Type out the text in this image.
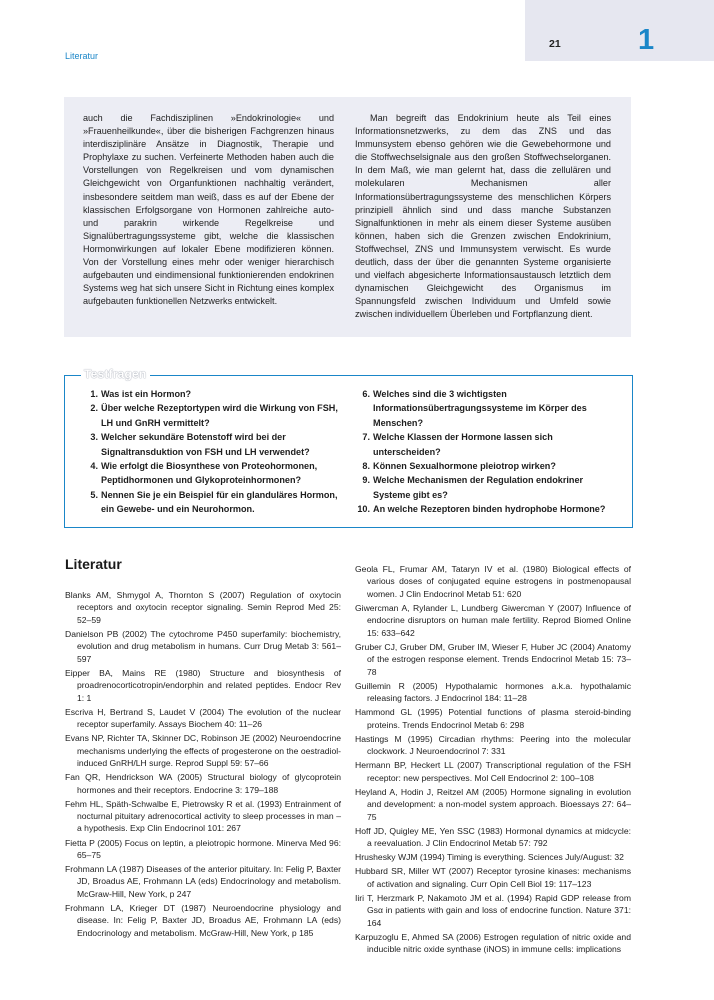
Literatur
21	1

auch die Fachdisziplinen »Endokrinologie« und »Frauenheilkunde«, über die bisherigen Fachgrenzen hinaus interdisziplinäre Ansätze in Diagnostik, Therapie und Prophylaxe zu suchen. Verfeinerte Methoden haben auch die Vorstellungen von Regelkreisen und vom dynamischen Gleichgewicht von Organfunktionen nachhaltig verändert, insbesondere seitdem man weiß, dass es auf der Ebene der klassischen Erfolgsorgane von Hormonen zahlreiche auto- und parakrin wirkende Regelkreise und Signalübertragungssysteme gibt, welche die klassischen Hormonwirkungen auf lokaler Ebene modifizieren können. Von der Vorstellung eines mehr oder weniger hierarchisch aufgebauten und eindimensional funktionierenden endokrinen Systems weg hat sich unsere Sicht in Richtung eines komplex aufgebauten funktionellen Netzwerks entwickelt.

Man begreift das Endokrinium heute als Teil eines Informationsnetzwerks, zu dem das ZNS und das Immunsystem ebenso gehören wie die Gewebehormone und die Stoffwechselsignale aus den großen Stoffwechselorganen. In dem Maß, wie man gelernt hat, dass die zellulären und molekularen Mechanismen aller Informationsübertragungssysteme des menschlichen Körpers prinzipiell ähnlich sind und dass manche Substanzen Signalfunktionen in mehr als einem dieser Systeme ausüben können, haben sich die Grenzen zwischen Endokrinium, Stoffwechsel, ZNS und Immunsystem verwischt. Es wurde deutlich, dass der über die genannten Systeme organisierte und vielfach abgesicherte Informationsaustausch letztlich dem dynamischen Gleichgewicht des Organismus im Spannungsfeld zwischen Individuum und Umfeld sowie zwischen individuellem Überleben und Fortpflanzung dient.

Testfragen
1. Was ist ein Hormon?
2. Über welche Rezeptortypen wird die Wirkung von FSH, LH und GnRH vermittelt?
3. Welcher sekundäre Botenstoff wird bei der Signaltransduktion von FSH und LH verwendet?
4. Wie erfolgt die Biosynthese von Proteohormonen, Peptidhormonen und Glykoproteinhormonen?
5. Nennen Sie je ein Beispiel für ein glanduläres Hormon, ein Gewebe- und ein Neurohormon.
6. Welches sind die 3 wichtigsten Informationsübertragungssysteme im Körper des Menschen?
7. Welche Klassen der Hormone lassen sich unterscheiden?
8. Können Sexualhormone pleiotrop wirken?
9. Welche Mechanismen der Regulation endokriner Systeme gibt es?
10. An welche Rezeptoren binden hydrophobe Hormone?
Literatur
Blanks AM, Shmygol A, Thornton S (2007) Regulation of oxytocin receptors and oxytocin receptor signaling. Semin Reprod Med 25: 52–59
Danielson PB (2002) The cytochrome P450 superfamily: biochemistry, evolution and drug metabolism in humans. Curr Drug Metab 3: 561–597
Eipper BA, Mains RE (1980) Structure and biosynthesis of proadrenocorticotropin/endorphin and related peptides. Endocr Rev 1: 1
Escriva H, Bertrand S, Laudet V (2004) The evolution of the nuclear receptor superfamily. Assays Biochem 40: 11–26
Evans NP, Richter TA, Skinner DC, Robinson JE (2002) Neuroendocrine mechanisms underlying the effects of progesterone on the oestradiol-induced GnRH/LH surge. Reprod Suppl 59: 57–66
Fan QR, Hendrickson WA (2005) Structural biology of glycoprotein hormones and their receptors. Endocrine 3: 179–188
Fehm HL, Späth-Schwalbe E, Pietrowsky R et al. (1993) Entrainment of nocturnal pituitary adrenocortical activity to sleep processes in man – a hypothesis. Exp Clin Endocrinol 101: 267
Fietta P (2005) Focus on leptin, a pleiotropic hormone. Minerva Med 96: 65–75
Frohmann LA (1987) Diseases of the anterior pituitary. In: Felig P, Baxter JD, Broadus AE, Frohmann LA (eds) Endocrinology and metabolism. McGraw-Hill, New York, p 247
Frohmann LA, Krieger DT (1987) Neuroendocrine physiology and disease. In: Felig P, Baxter JD, Broadus AE, Frohmann LA (eds) Endocrinology and metabolism. McGraw-Hill, New York, p 185
Geola FL, Frumar AM, Tataryn IV et al. (1980) Biological effects of various doses of conjugated equine estrogens in postmenopausal women. J Clin Endocrinol Metab 51: 620
Giwercman A, Rylander L, Lundberg Giwercman Y (2007) Influence of endocrine disruptors on human male fertility. Reprod Biomed Online 15: 633–642
Gruber CJ, Gruber DM, Gruber IM, Wieser F, Huber JC (2004) Anatomy of the estrogen response element. Trends Endocrinol Metab 15: 73–78
Guillemin R (2005) Hypothalamic hormones a.k.a. hypothalamic releasing factors. J Endocrinol 184: 11–28
Hammond GL (1995) Potential functions of plasma steroid-binding proteins. Trends Endocrinol Metab 6: 298
Hastings M (1995) Circadian rhythms: Peering into the molecular clockwork. J Neuroendocrinol 7: 331
Hermann BP, Heckert LL (2007) Transcriptional regulation of the FSH receptor: new perspectives. Mol Cell Endocrinol 2: 100–108
Heyland A, Hodin J, Reitzel AM (2005) Hormone signaling in evolution and development: a non-model system approach. Bioessays 27: 64–75
Hoff JD, Quigley ME, Yen SSC (1983) Hormonal dynamics at midcycle: a reevaluation. J Clin Endocrinol Metab 57: 792
Hrushesky WJM (1994) Timing is everything. Sciences July/August: 32
Hubbard SR, Miller WT (2007) Receptor tyrosine kinases: mechanisms of activation and signaling. Curr Opin Cell Biol 19: 117–123
Iiri T, Herzmark P, Nakamoto JM et al. (1994) Rapid GDP release from Gsα in patients with gain and loss of endocrine function. Nature 371: 164
Karpuzoglu E, Ahmed SA (2006) Estrogen regulation of nitric oxide and inducible nitric oxide synthase (iNOS) in immune cells: implications
